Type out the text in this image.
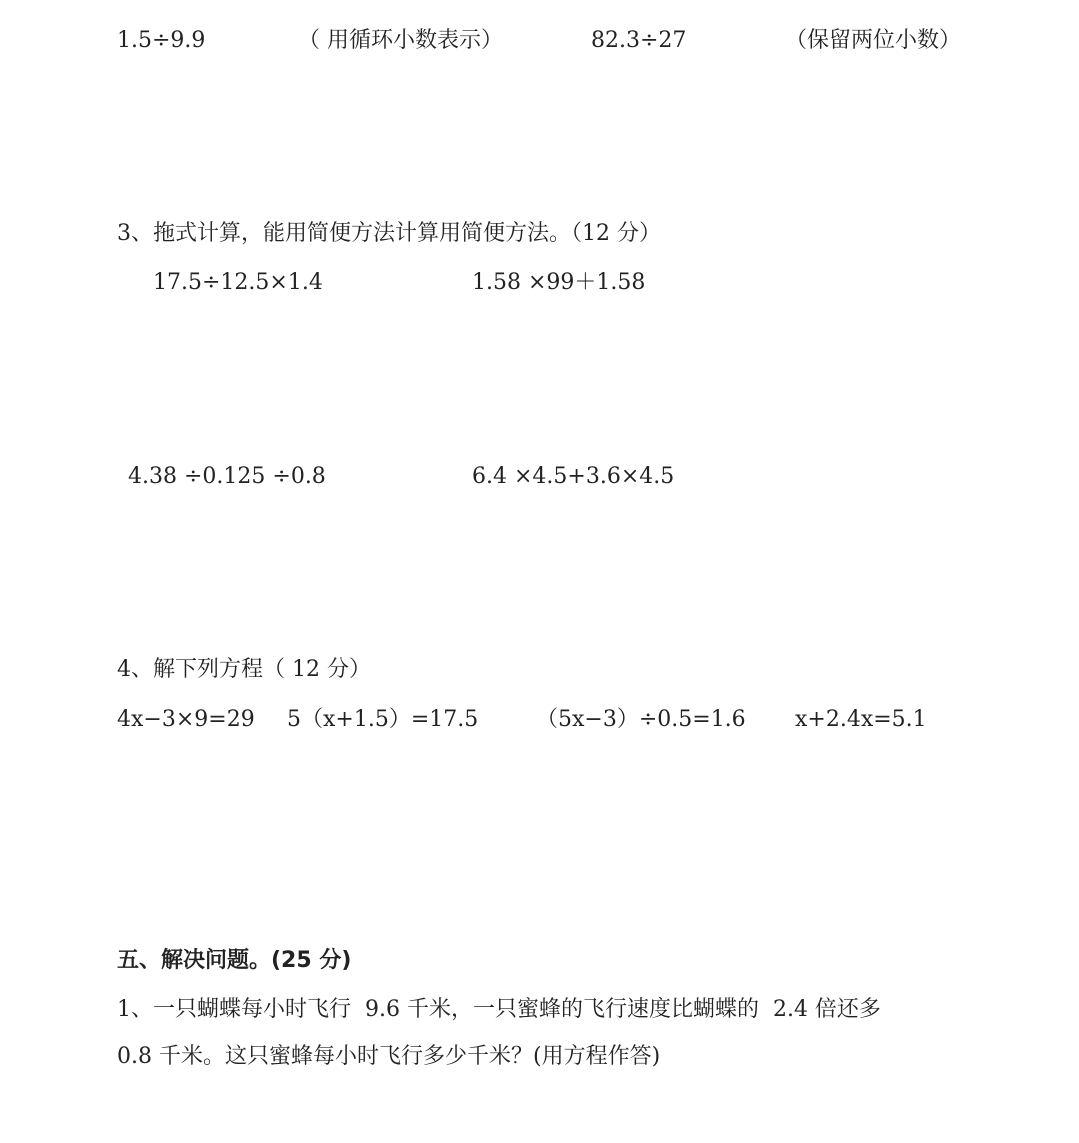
1.5÷9.9	（ 用循环小数表示）	82.3÷27	（保留两位小数）
3、拖式计算，能用简便方法计算用简便方法。（12 分）
17.5÷12.5×1.4	1.58 ×99＋1.58
4.38 ÷0.125 ÷0.8	6.4 ×4.5+3.6×4.5
4、解下列方程（ 12 分）
4x−3×9=29 5（x+1.5）=17.5	（5x−3）÷0.5=1.6 x+2.4x=5.1
五、解决问题。(25 分)
1、一只蝴蝶每小时飞行  9.6 千米，一只蜜蜂的飞行速度比蝴蝶的  2.4 倍还多
0.8 千米。这只蜜蜂每小时飞行多少千米？(用方程作答)
